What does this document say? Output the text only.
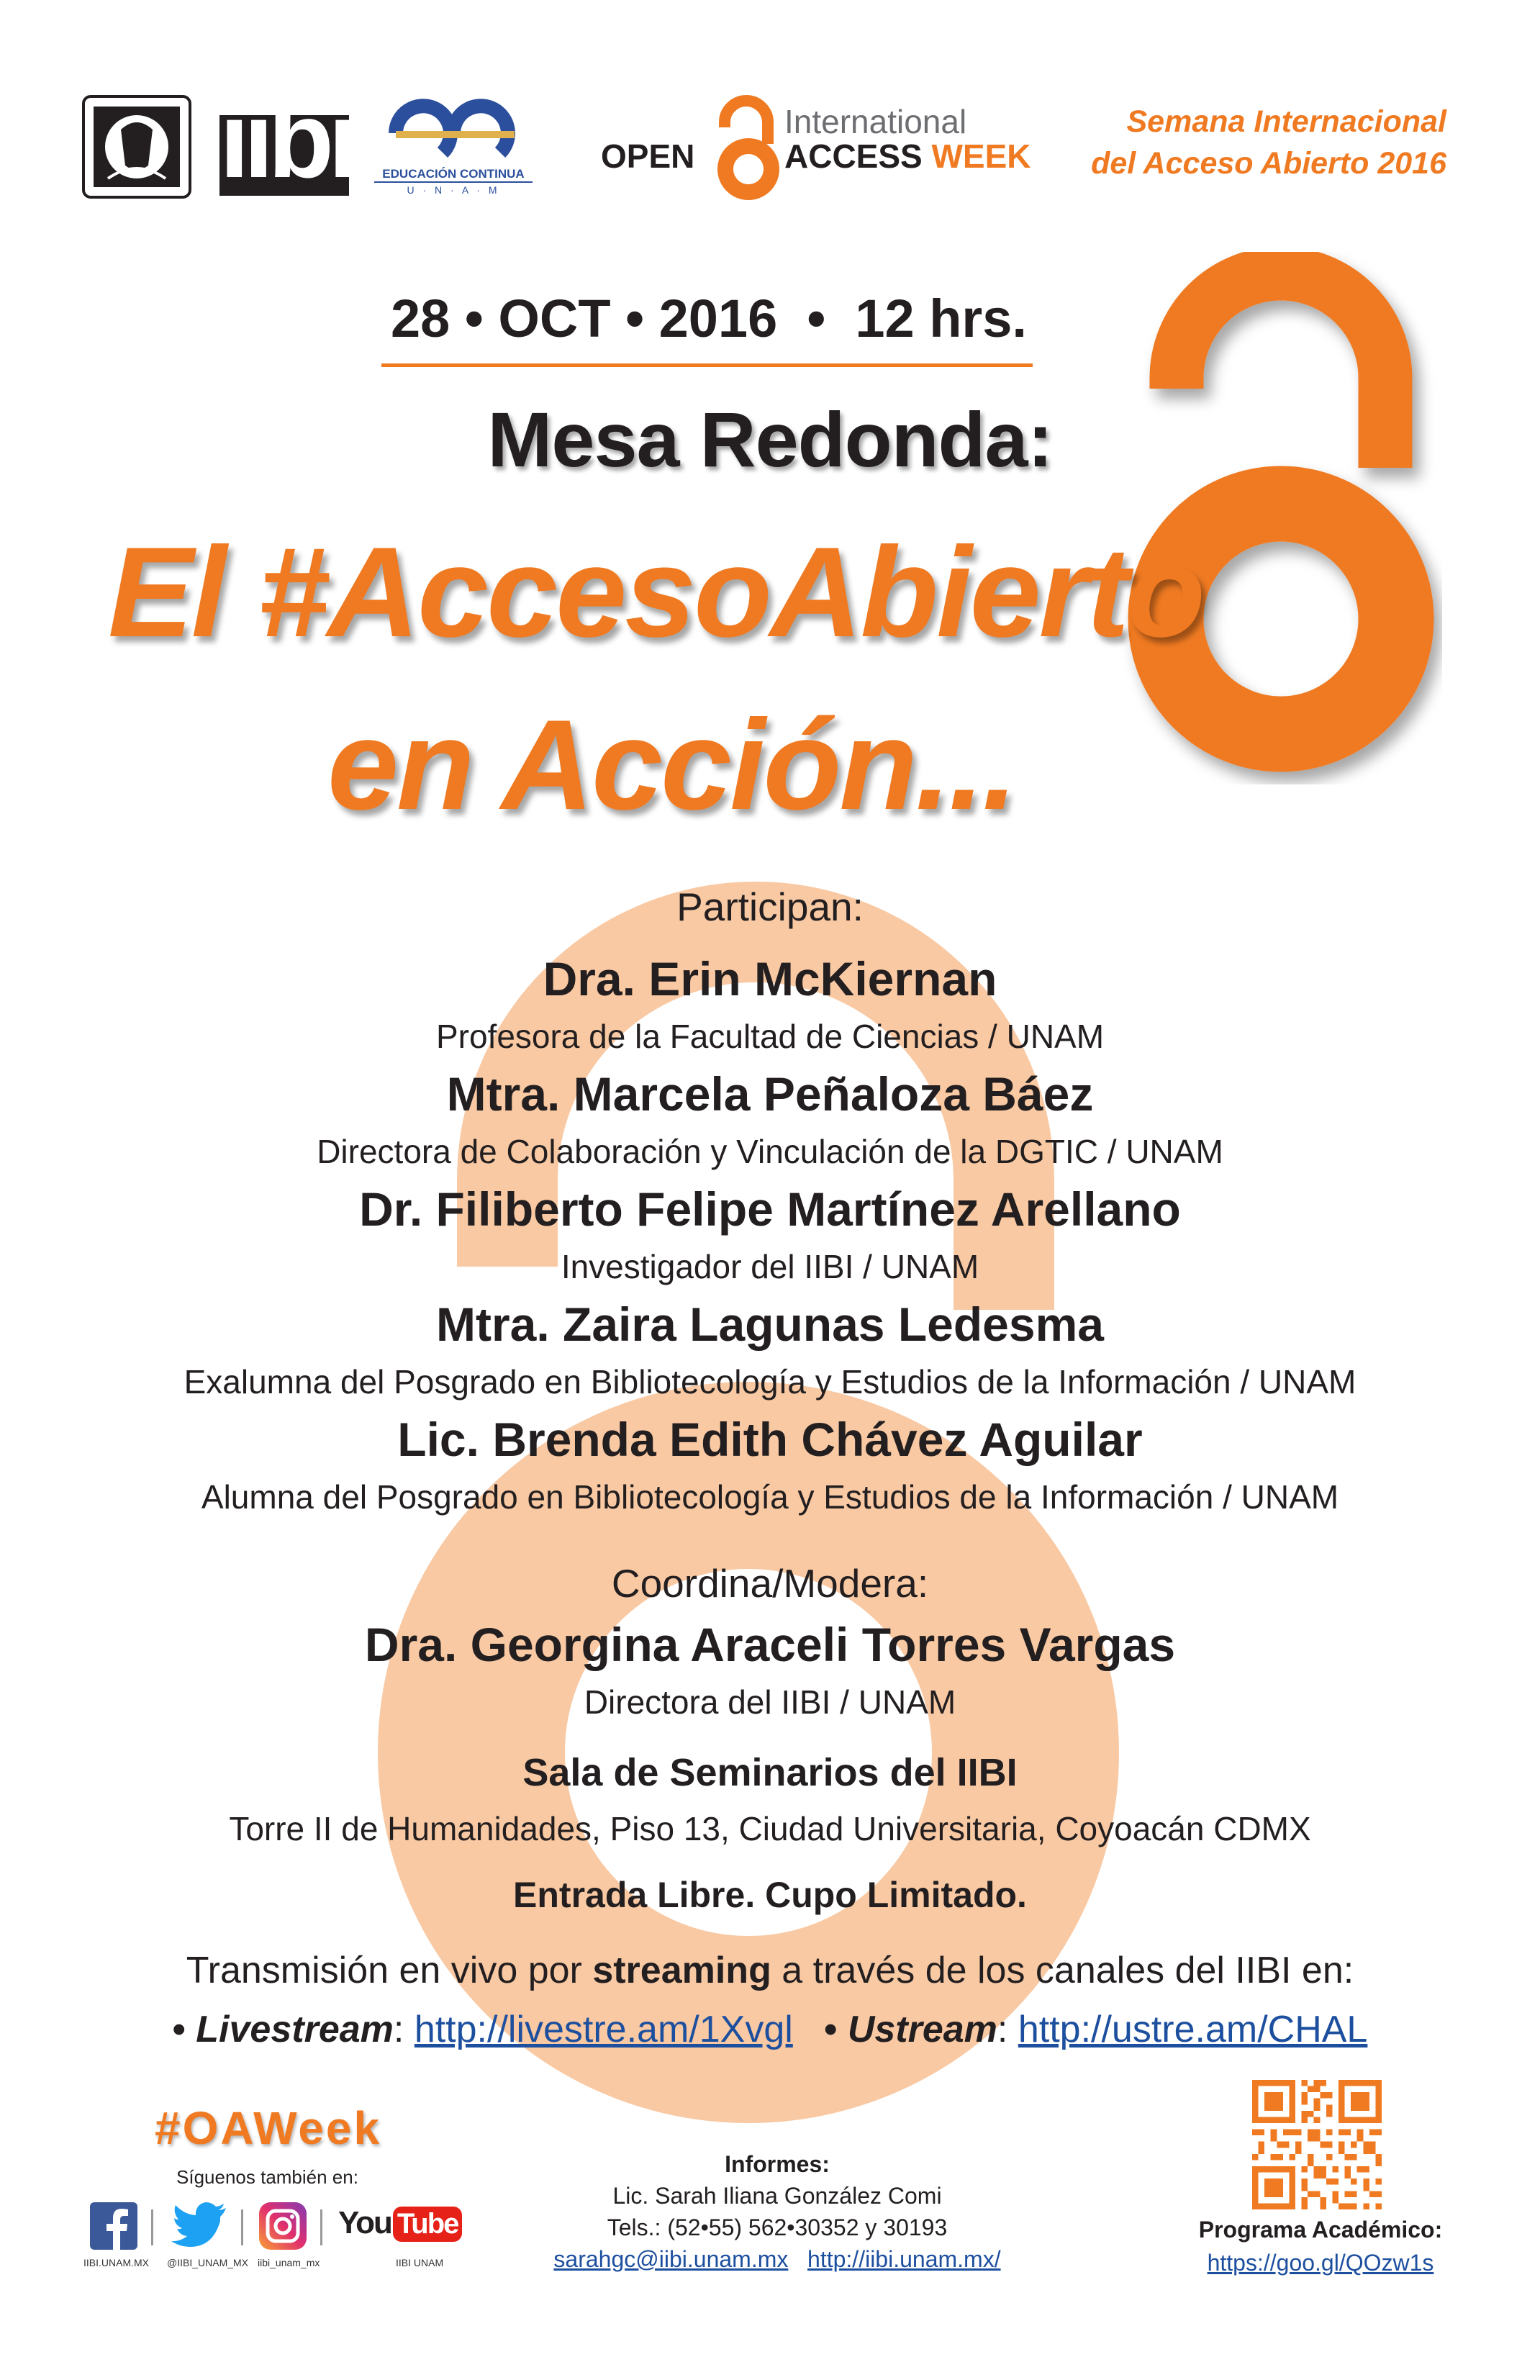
iibi	EDUCACIÓN CONTINUA
U · N · A · M
OPEN
International
ACCESS WEEK
Semana Internacional
del Acceso Abierto 2016
28 • OCT • 2016  •  12 hrs.
Mesa Redonda:
El #AccesoAbierto
en Acción...
Participan:
Dra. Erin McKiernan
Profesora de la Facultad de Ciencias / UNAM
Mtra. Marcela Peñaloza Báez
Directora de Colaboración y Vinculación de la DGTIC / UNAM
Dr. Filiberto Felipe Martínez Arellano
Investigador del IIBI / UNAM
Mtra. Zaira Lagunas Ledesma
Exalumna del Posgrado en Bibliotecología y Estudios de la Información / UNAM
Lic. Brenda Edith Chávez Aguilar
Alumna del Posgrado en Bibliotecología y Estudios de la Información / UNAM
Coordina/Modera:
Dra. Georgina Araceli Torres Vargas
Directora del IIBI / UNAM
Sala de Seminarios del IIBI
Torre II de Humanidades, Piso 13, Ciudad Universitaria, Coyoacán CDMX
Entrada Libre. Cupo Limitado.
Transmisión en vivo por streaming a través de los canales del IIBI en:
• Livestream: http://livestre.am/1Xvgl • Ustream: http://ustre.am/CHAL
#OAWeek
Síguenos también en:
You Tube
IIBI.UNAM.MX @IIBI_UNAM_MX iibi_unam_mx	IIBI UNAM
Informes:
Lic. Sarah Iliana González Comi
Tels.: (52•55) 562•30352 y 30193
sarahgc@iibi.unam.mx http://iibi.unam.mx/
Programa Académico:
https://goo.gl/QOzw1s
